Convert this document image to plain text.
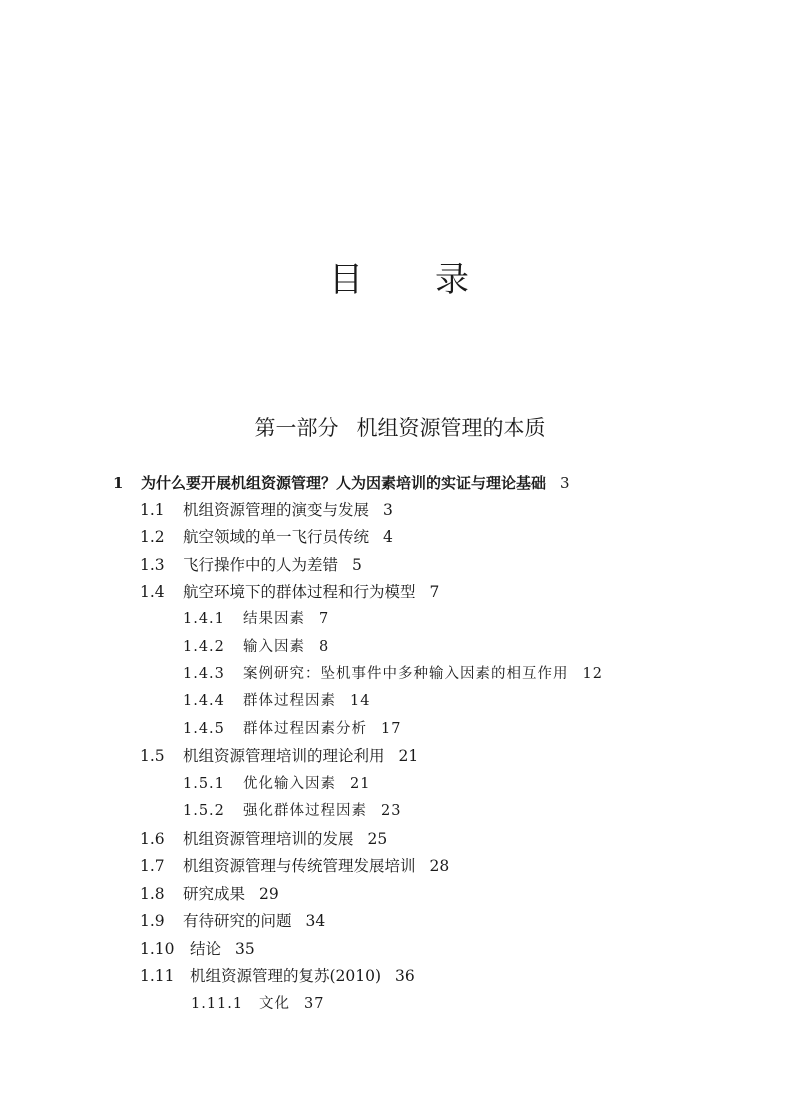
目 录
第一部分 机组资源管理的本质
1 为什么要开展机组资源管理？人为因素培训的实证与理论基础 3
1.1 机组资源管理的演变与发展 3
1.2 航空领域的单一飞行员传统 4
1.3 飞行操作中的人为差错 5
1.4 航空环境下的群体过程和行为模型 7
1.4.1 结果因素 7
1.4.2 输入因素 8
1.4.3 案例研究：坠机事件中多种输入因素的相互作用 12
1.4.4 群体过程因素 14
1.4.5 群体过程因素分析 17
1.5 机组资源管理培训的理论利用 21
1.5.1 优化输入因素 21
1.5.2 强化群体过程因素 23
1.6 机组资源管理培训的发展 25
1.7 机组资源管理与传统管理发展培训 28
1.8 研究成果 29
1.9 有待研究的问题 34
1.10 结论 35
1.11 机组资源管理的复苏(2010) 36
1.11.1 文化 37
